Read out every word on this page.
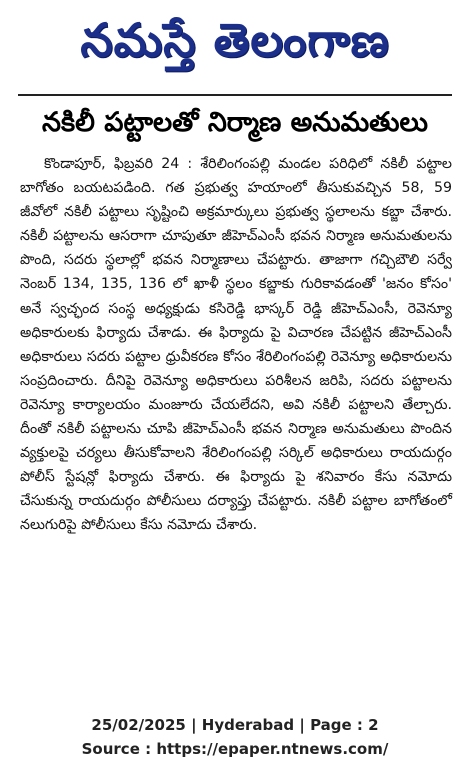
నమస్తే తెలంగాణ
నకిలీ పట్టాలతో నిర్మాణ అనుమతులు

కొండాపూర్, ఫిబ్రవరి 24 : శేరిలింగంపల్లి మండల పరిధిలో నకిలీ పట్టాల బాగోతం బయటపడింది. గత ప్రభుత్వ హయాంలో తీసుకువచ్చిన 58, 59 జీవోలో నకిలీ పట్టాలు సృష్టించి అక్రమార్కులు ప్రభుత్వ స్థలాలను కబ్జా చేశారు. నకిలీ పట్టాలను ఆసరాగా చూపుతూ జీహెచ్ఎంసీ భవన నిర్మాణ అనుమతులను పొంది, సదరు స్థలాల్లో భవన నిర్మాణాలు చేపట్టారు. తాజాగా గచ్చిబౌలి సర్వే నెంబర్ 134, 135, 136 లో ఖాళీ స్థలం కబ్జాకు గురికావడంతో 'జనం కోసం' అనే స్వచ్ఛంద సంస్థ అధ్యక్షుడు కసిరెడ్డి భాస్కర్ రెడ్డి జీహెచ్ఎంసీ, రెవెన్యూ అధికారులకు ఫిర్యాదు చేశాడు. ఈ ఫిర్యాదు పై విచారణ చేపట్టిన జీహెచ్ఎంసీ అధికారులు సదరు పట్టాల ధ్రువీకరణ కోసం శేరిలింగంపల్లి రెవెన్యూ అధికారులను సంప్రదించారు. దీనిపై రెవెన్యూ అధికారులు పరిశీలన జరిపి, సదరు పట్టాలను రెవెన్యూ కార్యాలయం మంజూరు చేయలేదని, అవి నకిలీ పట్టాలని తేల్చారు. దీంతో నకిలీ పట్టాలను చూపి జీహెచ్ఎంసీ భవన నిర్మాణ అనుమతులు పొందిన వ్యక్తులపై చర్యలు తీసుకోవాలని శేరిలింగంపల్లి సర్కిల్ అధికారులు రాయదుర్గం పోలీస్ స్టేషన్లో ఫిర్యాదు చేశారు. ఈ ఫిర్యాదు పై శనివారం కేసు నమోదు చేసుకున్న రాయదుర్గం పోలీసులు దర్యాప్తు చేపట్టారు. నకిలీ పట్టాల బాగోతంలో నలుగురిపై పోలీసులు కేసు నమోదు చేశారు.

25/02/2025 | Hyderabad | Page : 2
Source : https://epaper.ntnews.com/
